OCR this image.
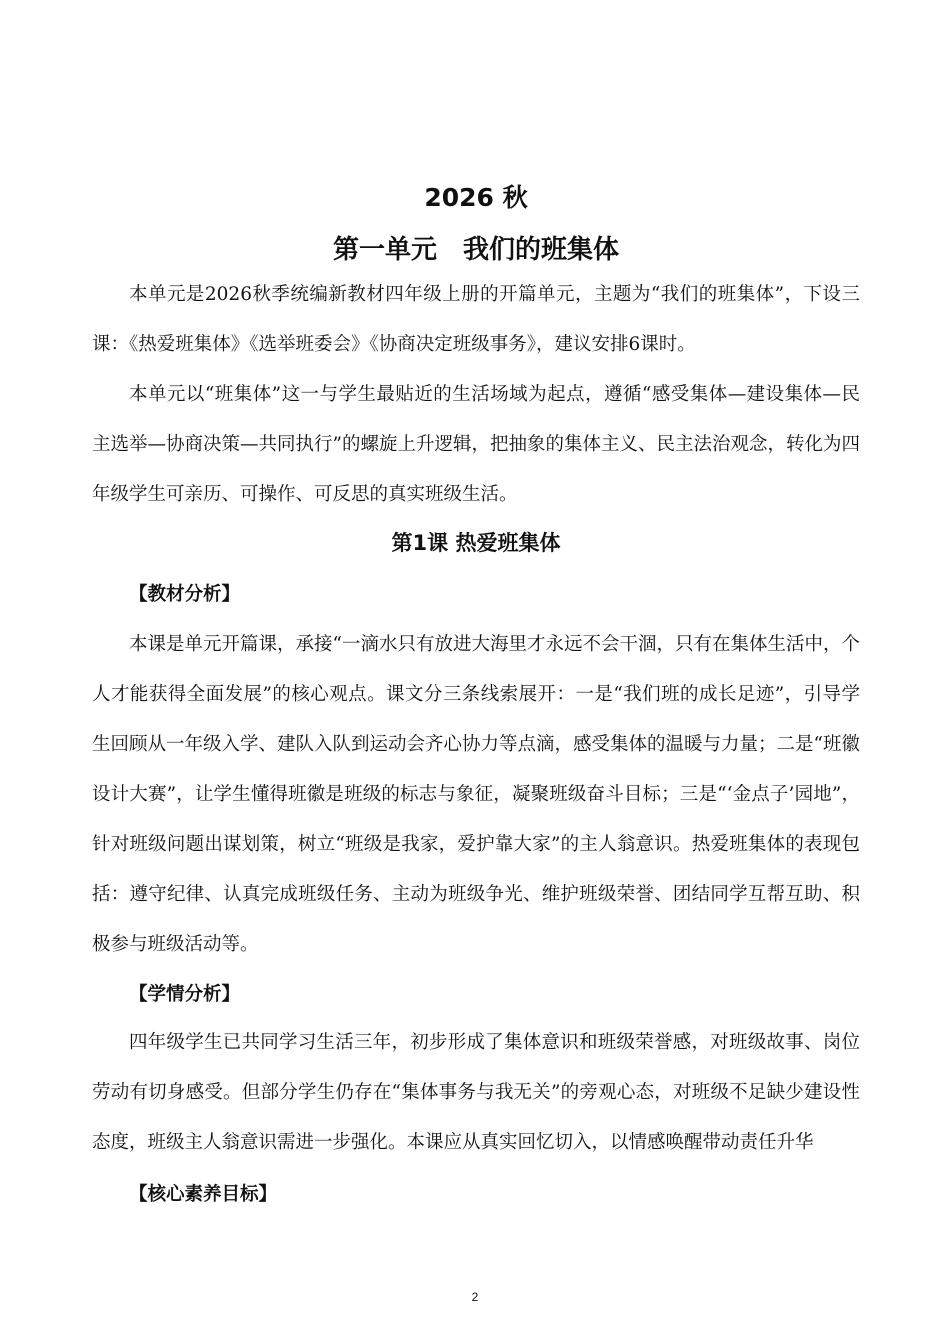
2026 秋
第一单元　我们的班集体

本单元是2026秋季统编新教材四年级上册的开篇单元，主题为“我们的班集体”，下设三课：《热爱班集体》《选举班委会》《协商决定班级事务》，建议安排6课时。

本单元以“班集体”这一与学生最贴近的生活场域为起点，遵循“感受集体—建设集体—民主选举—协商决策—共同执行”的螺旋上升逻辑，把抽象的集体主义、民主法治观念，转化为四年级学生可亲历、可操作、可反思的真实班级生活。

第1课 热爱班集体
【教材分析】

本课是单元开篇课，承接“一滴水只有放进大海里才永远不会干涸，只有在集体生活中，个人才能获得全面发展”的核心观点。课文分三条线索展开：一是“我们班的成长足迹”，引导学生回顾从一年级入学、建队入队到运动会齐心协力等点滴，感受集体的温暖与力量；二是“班徽设计大赛”，让学生懂得班徽是班级的标志与象征，凝聚班级奋斗目标；三是“‘金点子’园地”，针对班级问题出谋划策，树立“班级是我家，爱护靠大家”的主人翁意识。热爱班集体的表现包括：遵守纪律、认真完成班级任务、主动为班级争光、维护班级荣誉、团结同学互帮互助、积极参与班级活动等。

【学情分析】

四年级学生已共同学习生活三年，初步形成了集体意识和班级荣誉感，对班级故事、岗位劳动有切身感受。但部分学生仍存在“集体事务与我无关”的旁观心态，对班级不足缺少建设性态度，班级主人翁意识需进一步强化。本课应从真实回忆切入，以情感唤醒带动责任升华

【核心素养目标】
2
